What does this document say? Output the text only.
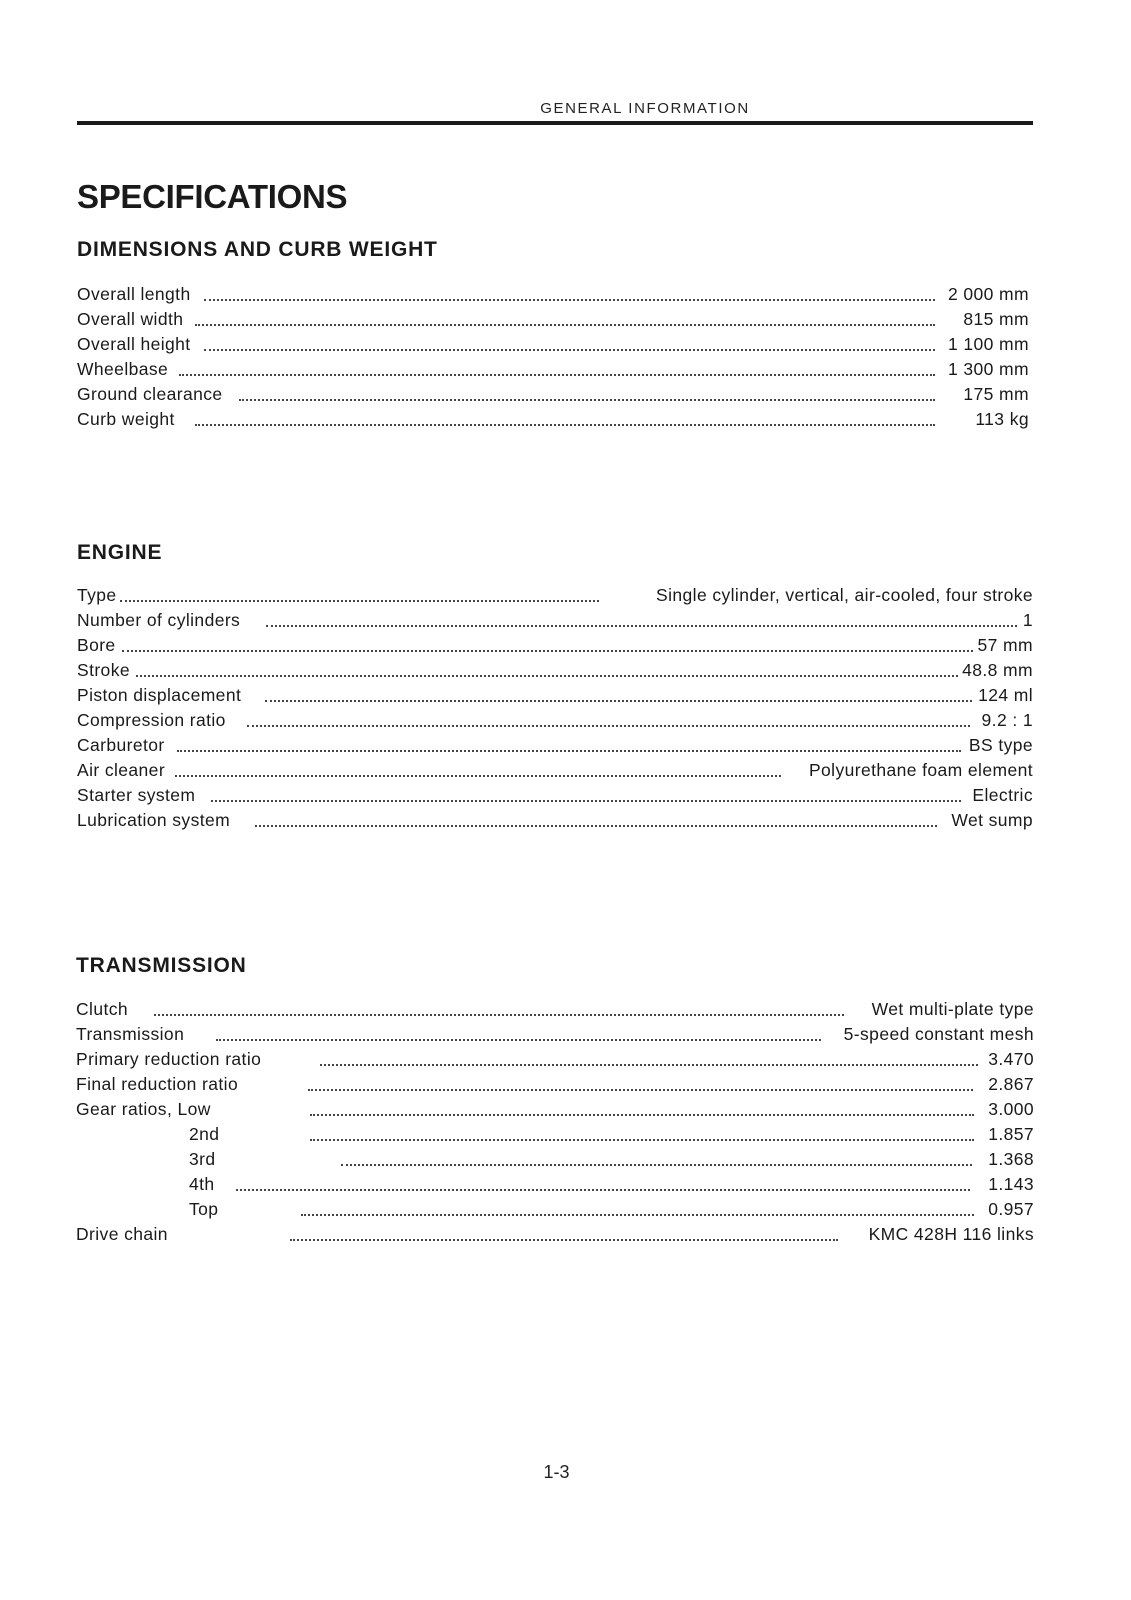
GENERAL INFORMATION
SPECIFICATIONS
DIMENSIONS AND CURB WEIGHT
Overall length	2 000 mm
Overall width	815 mm
Overall height	1 100 mm
Wheelbase	1 300 mm
Ground clearance	175 mm
Curb weight	113 kg
ENGINE
Type	Single cylinder, vertical, air-cooled, four stroke
Number of cylinders	1
Bore	57 mm
Stroke	48.8 mm
Piston displacement	124 ml
Compression ratio	9.2 : 1
Carburetor	BS type
Air cleaner	Polyurethane foam element
Starter system	Electric
Lubrication system	Wet sump
TRANSMISSION
Clutch	Wet multi-plate type
Transmission	5-speed constant mesh
Primary reduction ratio	3.470
Final reduction ratio	2.867
Gear ratios, Low	3.000
2nd	1.857
3rd	1.368
4th	1.143
Top	0.957
Drive chain	KMC 428H 116 links
1-3
